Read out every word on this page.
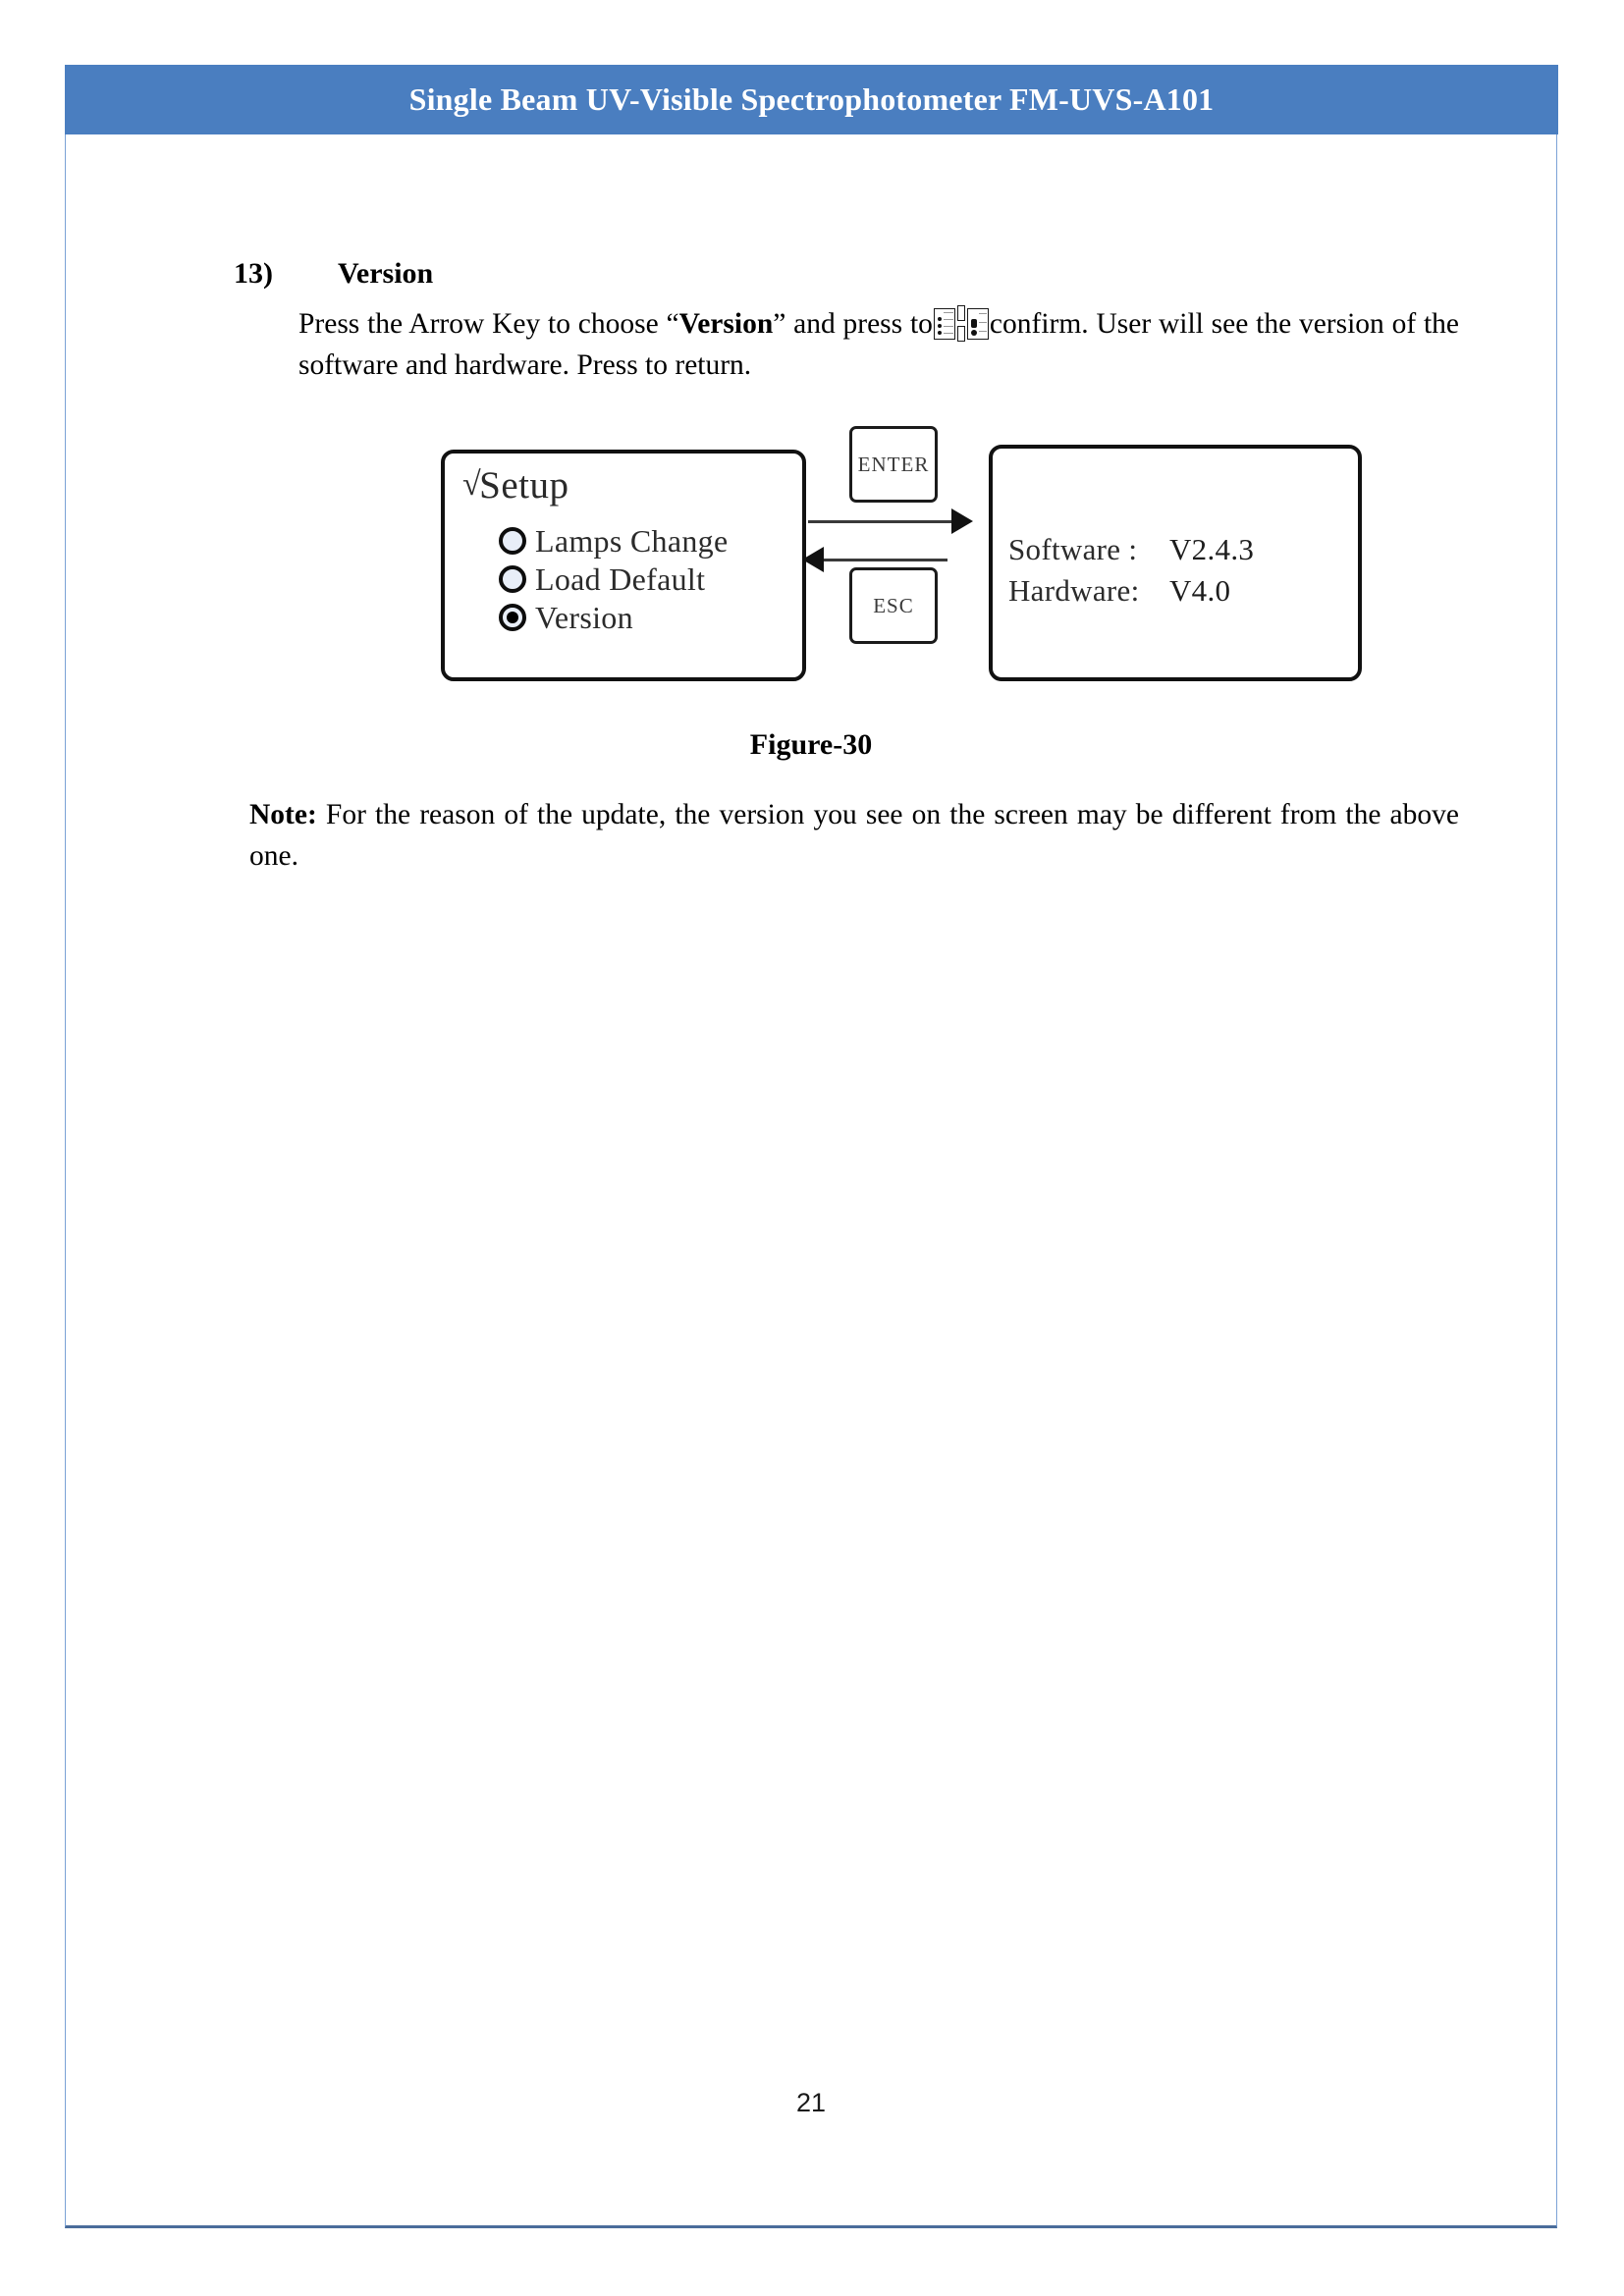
Single Beam UV-Visible Spectrophotometer FM-UVS-A101
13)	Version
Press the Arrow Key to choose “Version” and press to confirm. User will see the version of the software and hardware. Press to return.
√Setup
Lamps Change
Load Default
Version
ENTER
ESC
Software :	V2.4.3
Hardware: V4.0
Figure-30
Note: For the reason of the update, the version you see on the screen may be different from the above one.
21
